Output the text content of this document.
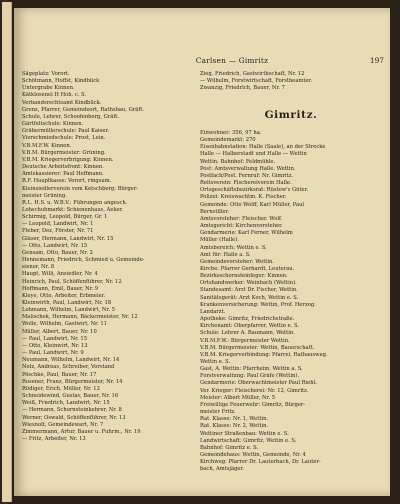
Carlsen — Gimritz	197
Sägeplatz: Vorort.
Schötmann, Hoffst, Kindblick
Untergrabe Kinnen.
Kätklosenel H Hoh. c. S.
Verbandsrechtsamt Kindblick.
Grenz, Pfarrer, Gemeindeort, Rathsbau, Gräft.
Schule, Lehrer, Schoofenberg, Gräft.
Gärtfeltschule: Kinnen.
Gräbermüllerschule: Paul Kaiser.
Vierschmiedschule: Prost, Lein.
V.B.M.F.W. Kinnen.
V.B.M. Bürgermeister: Grüning.
V.B.M. Kriegerverbrigung: Kinnen.
Deutsche Arbeitsfront: Kinnen.
Amtskassierer: Paul Heffmann.
R.F. Hauptkasse: Vorort, ringsum.
Kleinsiedlerverein vom Ketschberg: Bürger-
meister Grüning.
R.L. H.S. u. W.B.V.: Führungen angesch.
Lohschuhmarkt: Schienenhaus, Aeker.
Schirmig, Leopold, Bürger, Gr. 1
— Leopold, Landwirt, Nr. 1
Fleber, Dez, Förster, Nr. 71
Gläser, Hermann, Landwirt, Nr. 15
— Otto, Landwirt, Nr. 15
Gensam, Otto, Bauer, Nr. 2
Hennemann, Friedrich, Schmied u. Gemeinde-
eisner, Nr. 8
Haupt, Willi, Ansiedler, Nr. 4
Heinrich, Paul, Schöffenführer, Nr. 12
Hoffmann, Emil, Bauer, Nr. 9
Kleye, Otto, Arbeiter, Erbmeier.
Kleinwirth, Paul, Landwirt, Nr. 18
Lohmann, Wilhelm, Landwirt, Nr. 5
Malischek, Hermann, Bäckermeister, Nr. 12
Wolle, Wilhelm, Gastwirt, Nr. 11
Müller, Albert, Bauer, Nr. 10
— Paul, Landwirt, Nr. 15
— Otto, Kleinwirt, Nr. 13
— Paul, Landwirt, Nr. 9
Neumann, Wilhelm, Landwirt, Nr. 14
Nolz, Andreas, Schreiber, Vorstand
Pöschke, Paul, Bauer, Nr. 17
Rosener, Franz, Bürgermeister, Nr. 14
Rüdiger, Erich, Müller, Nr. 12
Schneidewind, Gustav, Bauer, Nr. 16
Weiß, Friedrich, Landwirt, Nr. 15
— Hermann, Schornsteinkehrer, Nr. 8
Werner, Oswald, Schöffenführer, Nr. 13
Wiesnolt, Gemeindewart, Nr. 7
Zimmermann, Artur, Bauer u. Fuhrm., Nr. 19
— Fritz, Arbeiter, Nr. 13
Zieg, Friedrich, Gastwirthschaft, Nr. 12
— Wilhelm, Forstwirtschaft, Forstbeamter.
Zwanzig, Friedrich, Bauer, Nr. 7
Gimritz.
Einwohner: 356, 97 ha.
Gemeindemarkt: 270
Eisenbahnstation: Halle (Saale), an der Strecke
Halle — Halberstadt und Halle — Wettin
Wettin. Bahnhof: Feldmühle.
Post: Amtsverwaltung Halle. Wettin.
Postfach/Post. Fernruf: Nr. Gimritz.
Reitsverein: Fischereiverein Halle.
Ortsgeschäftsbezirksrat: Rüstow's Güter.
Polizei: Kreiswachtm. K. Fischer.
Gemeinde: Otto Wolff, Karl Müller, Paul
Bernstiller.
Amtsvorsteher: Fleischer. Wolf.
Amtsgericht: Kirchenvorsteher.
Gendarmerie: Karl Ferner, Wilhelm
Müller (Halle).
Amtsbereich: Wettin e. S.
Amt für: Halle a. S.
Gemeindevorsteher: Wettin.
Kirche: Pfarrer Gerhardt, Leuterau.
Bezirksschornsteinfeger: Kinnen.
Ortshandwerker: Weinbach (Wettin).
Standesamt: Arzt Dr. Fischer, Wettin.
Sanitätsgerät: Arzt Koch, Wettin e. S.
Krankenversicherung: Wettin, Prof. Herzog.
Landarzt.
Apotheke: Gimritz, Friedrichstraße.
Kirchenamt: Oberpfarrer, Wettin e. S.
Schule: Lehrer A. Baumann, Wettin.
V.B.M.F.W.: Bürgermeister Wettin.
V.B.M. Bürgermeister: Wettin, Bauerschaft.
V.B.M. Kriegerverbindung: Pfarrei, Rathausweg.
Wettin e. S.
Gast, A. Wettin: Pfarrheim, Wettin a. S.
Forstverwaltung: Paul Gräfe (Wettin).
Gendarmerie: Oberwachtmeister Paul Riehl.
Ver. Krieger: Fleischerei: Nr. 12, Gimritz.
Meister: Albert Müller, Nr. 5
Freiwillige Feuerwehr: Gimritz, Bürger-
meister Fritz.
Rat. Klasse: Nr. 1, Wettin.
Rat. Klasse: Nr. 2, Wettin.
Wettiner Straßenbau: Wettin e. S.
Landwirtschaft: Gimritz, Wettin e. S.
Bahnhof: Gimritz e. S.
Gemeindehaus: Wettin, Gemeinde, Nr. 4
Kirchweg: Pfarrer Dr. Lauterbach, Dr. Lauter-
bach, Amtsjäger.
